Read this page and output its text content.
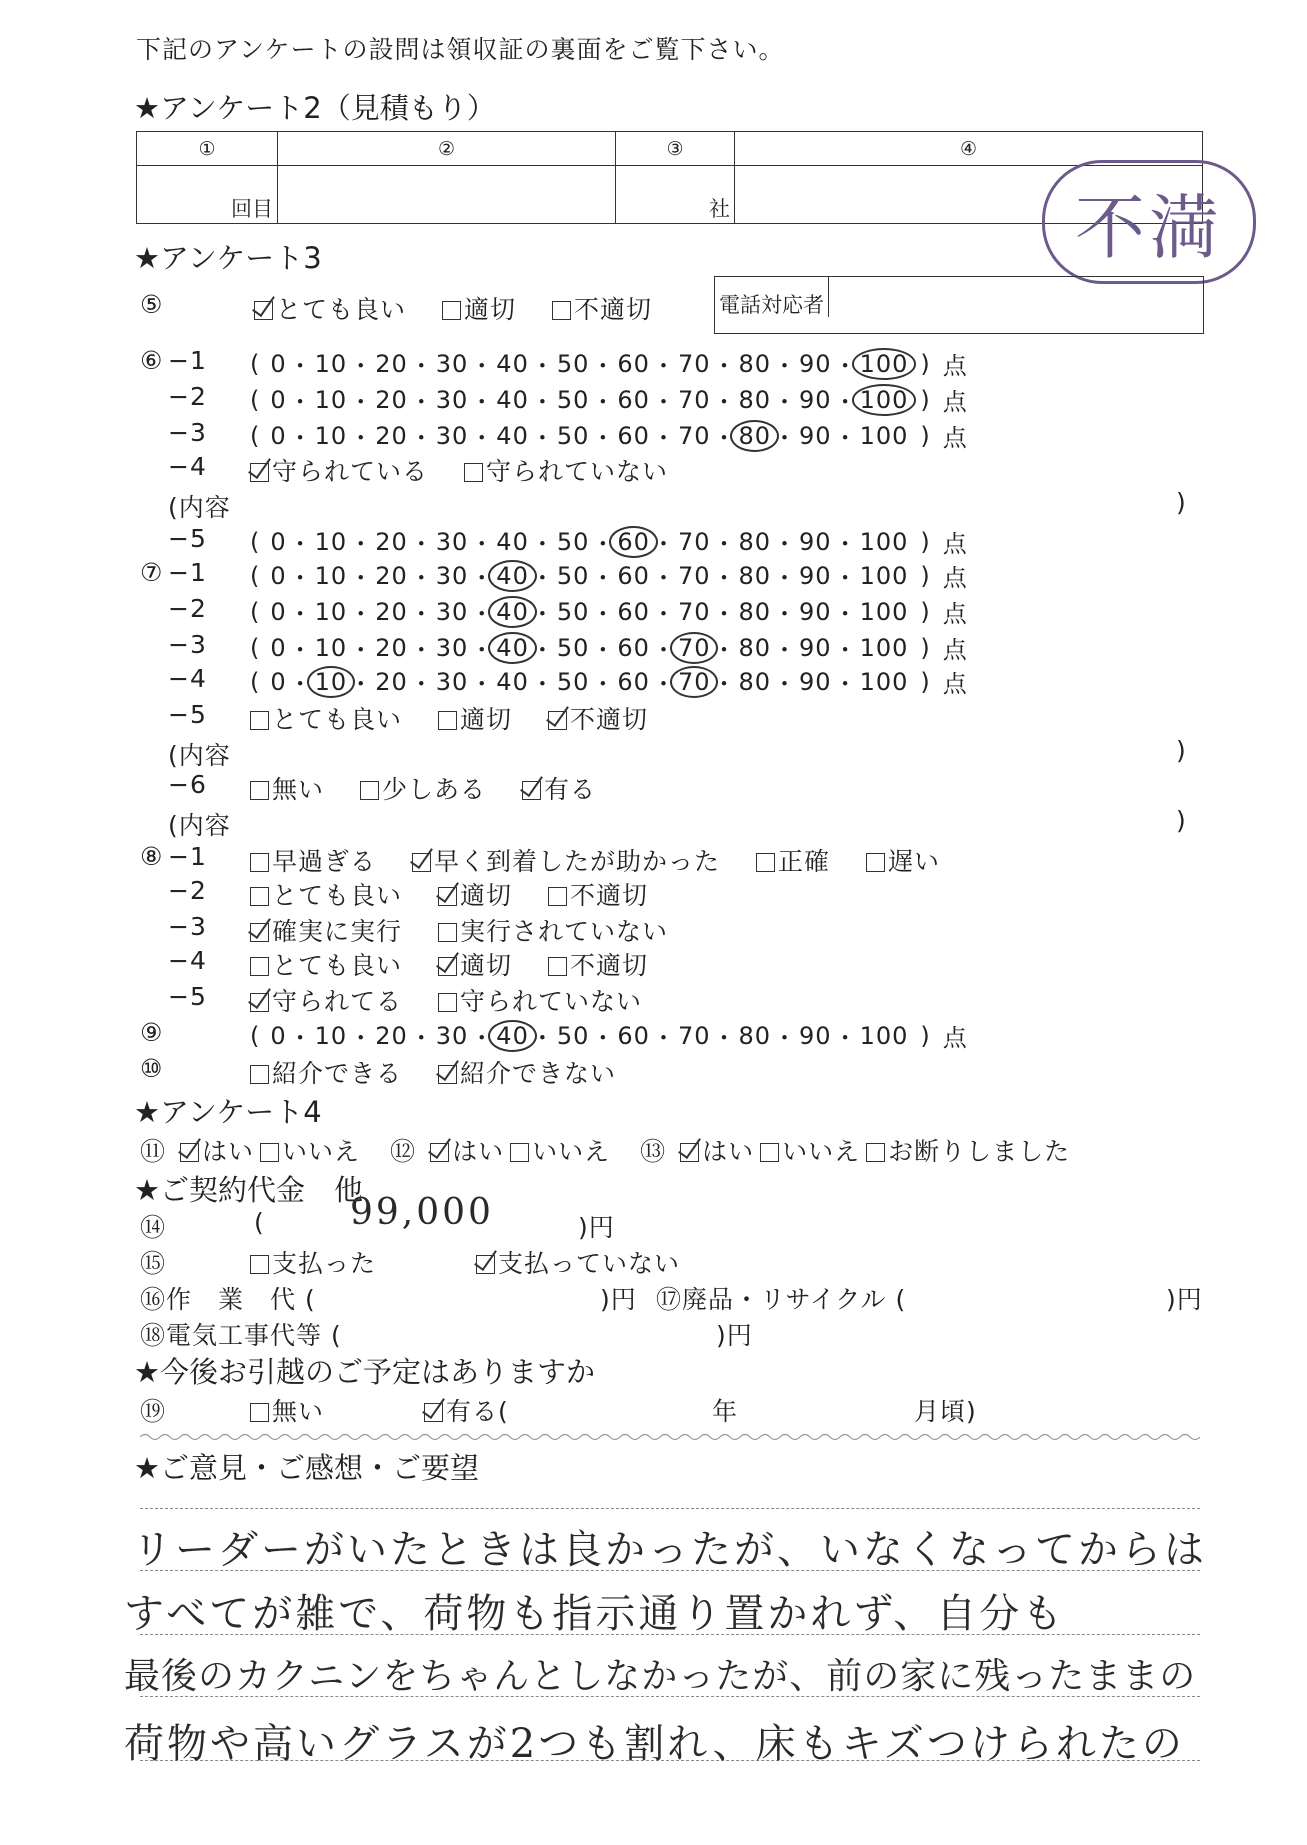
下記のアンケートの設問は領収証の裏面をご覧下さい。
★アンケート2（見積もり）
①	②	③	④
回目		社		不満
★アンケート3
⑤	とても良い 適切 不適切	電話対応者
⑥ −1 ( 0 ・ 10 ・ 20 ・ 30 ・ 40 ・ 50 ・ 60 ・ 70 ・ 80 ・ 90 ・ 100 ) 点
−2 ( 0 ・ 10 ・ 20 ・ 30 ・ 40 ・ 50 ・ 60 ・ 70 ・ 80 ・ 90 ・ 100 ) 点
−3 ( 0 ・ 10 ・ 20 ・ 30 ・ 40 ・ 50 ・ 60 ・ 70 ・ 80 ・ 90 ・ 100 ) 点
−4	守られている 守られていない
(内容	)
−5 ( 0 ・ 10 ・ 20 ・ 30 ・ 40 ・ 50 ・ 60 ・ 70 ・ 80 ・ 90 ・ 100 ) 点
⑦ −1 ( 0 ・ 10 ・ 20 ・ 30 ・ 40 ・ 50 ・ 60 ・ 70 ・ 80 ・ 90 ・ 100 ) 点
−2 ( 0 ・ 10 ・ 20 ・ 30 ・ 40 ・ 50 ・ 60 ・ 70 ・ 80 ・ 90 ・ 100 ) 点
−3 ( 0 ・ 10 ・ 20 ・ 30 ・ 40 ・ 50 ・ 60 ・ 70 ・ 80 ・ 90 ・ 100 ) 点
−4 ( 0 ・ 10 ・ 20 ・ 30 ・ 40 ・ 50 ・ 60 ・ 70 ・ 80 ・ 90 ・ 100 ) 点
−5	とても良い 適切 不適切
(内容	)
−6	無い 少しある 有る
(内容	)
⑧ −1	早過ぎる 早く到着したが助かった 正確 遅い
−2	とても良い 適切 不適切
−3	確実に実行 実行されていない
−4	とても良い 適切 不適切
−5	守られてる 守られていない
⑨	( 0 ・ 10 ・ 20 ・ 30 ・ 40 ・ 50 ・ 60 ・ 70 ・ 80 ・ 90 ・ 100 ) 点
⑩	紹介できる 紹介できない
★アンケート4
⑪ はい いいえ ⑫ はい いいえ ⑬ はい いいえ お断りしました
★ご契約代金　他
⑭	( 99,000	)円
⑮	支払った	支払っていない
⑯作　業　代 (	)円 ⑰廃品・リサイクル (	)円
⑱電気工事代等 (	)円
★今後お引越のご予定はありますか
⑲	無い	有る(	年	月頃)
★ご意見・ご感想・ご要望
リーダーがいたときは良かったが、いなくなってからは
すべてが雑で、荷物も指示通り置かれず、自分も
最後のカクニンをちゃんとしなかったが、前の家に残ったままの
荷物や高いグラスが2つも割れ、床もキズつけられたの
